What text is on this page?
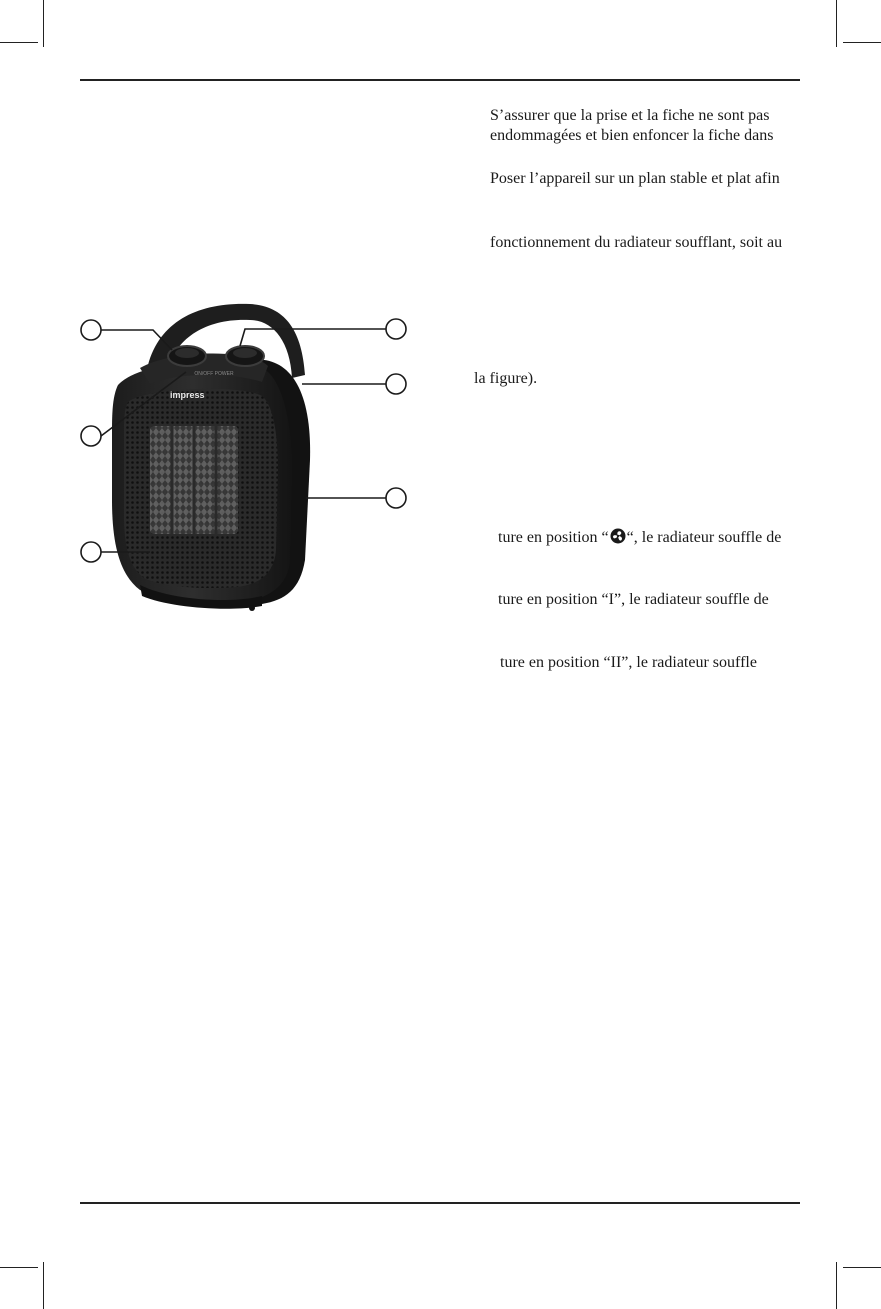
S’assurer que la prise et la fiche ne sont pas
endommagées et bien enfoncer la fiche dans
Poser l’appareil sur un plan stable et plat afin
fonctionnement du radiateur soufflant, soit au
la figure).
ture en position “ “, le radiateur souffle de
ture en position “I”, le radiateur souffle de
ture en position “II”, le radiateur souffle
ON/OFF POWER
impress
